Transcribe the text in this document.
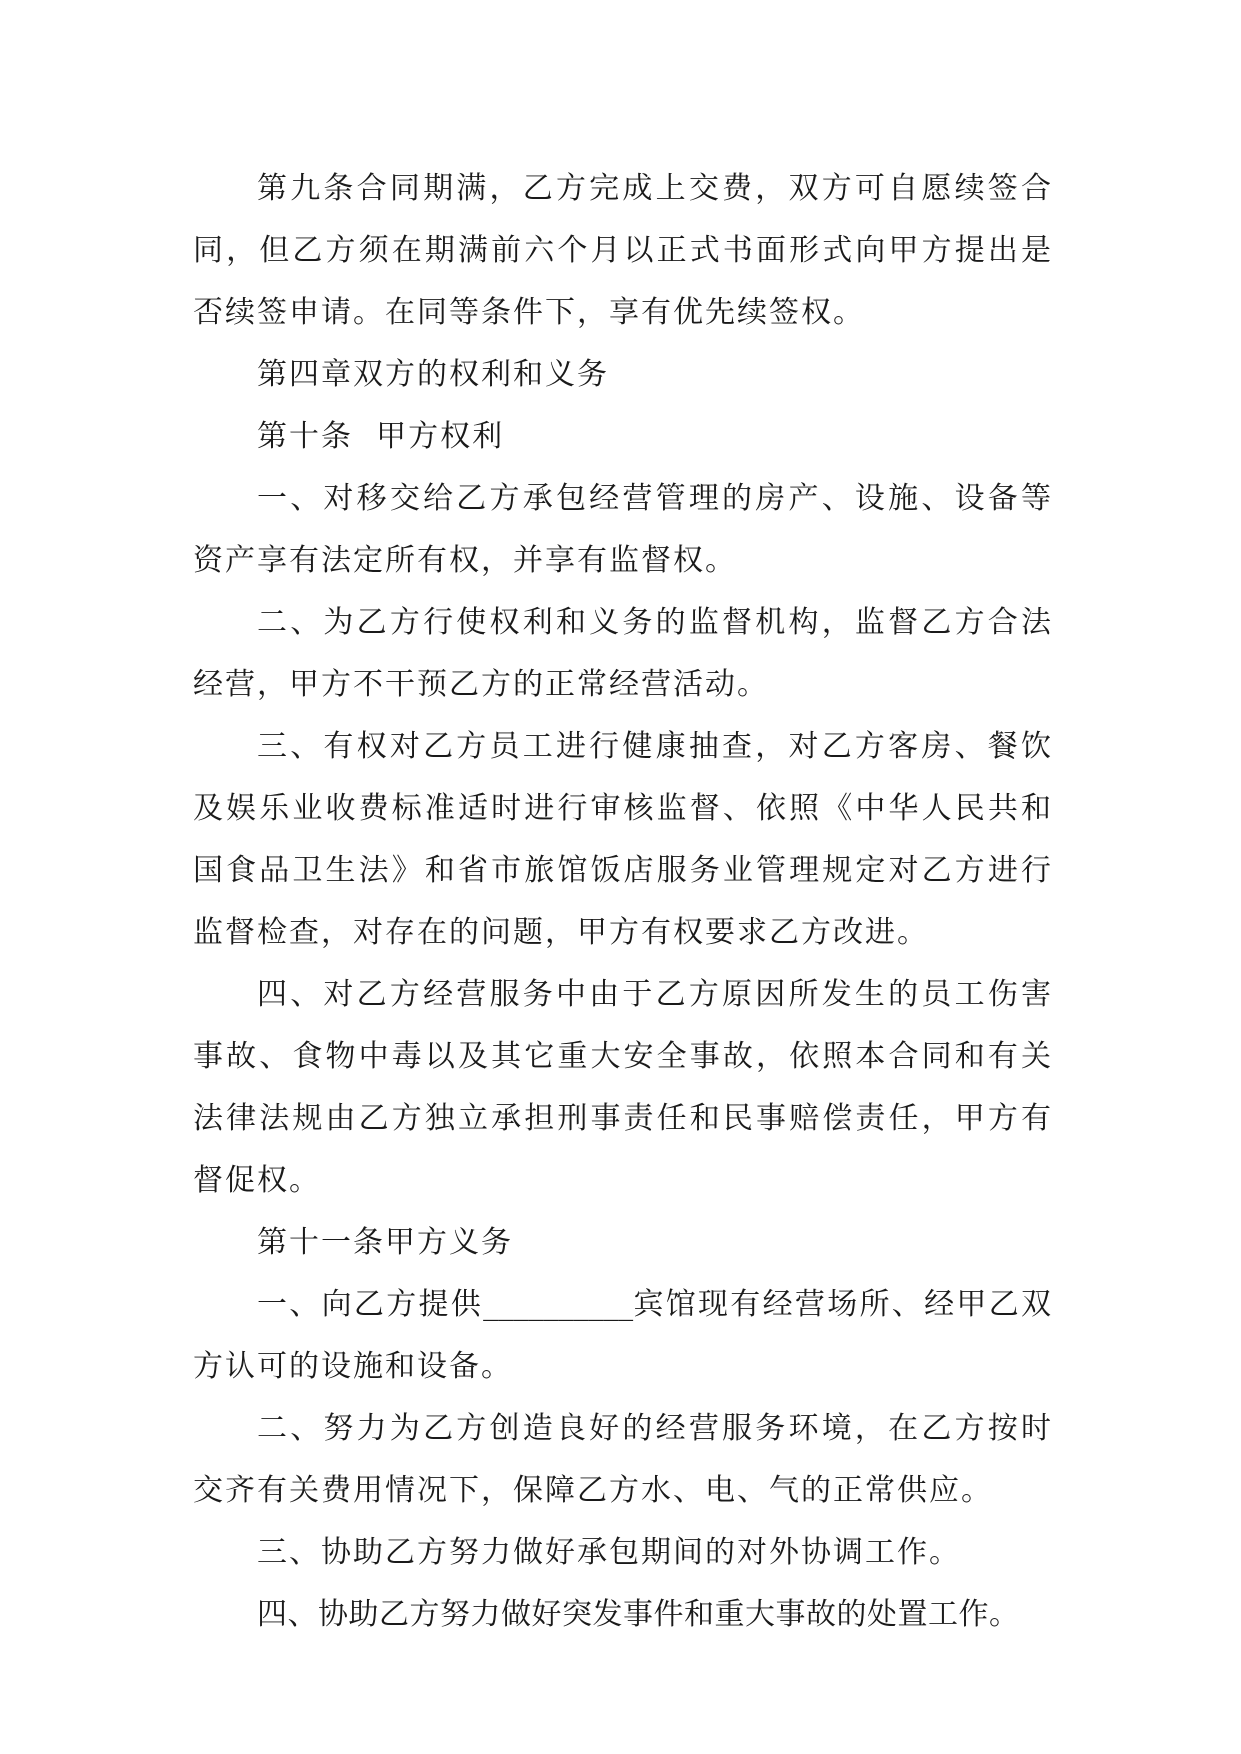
第九条合同期满，乙方完成上交费，双方可自愿续签合同，但乙方须在期满前六个月以正式书面形式向甲方提出是否续签申请。在同等条件下，享有优先续签权。

第四章双方的权利和义务

第十条  甲方权利

一、对移交给乙方承包经营管理的房产、设施、设备等资产享有法定所有权，并享有监督权。

二、为乙方行使权利和义务的监督机构，监督乙方合法经营，甲方不干预乙方的正常经营活动。

三、有权对乙方员工进行健康抽查，对乙方客房、餐饮及娱乐业收费标准适时进行审核监督、依照《中华人民共和国食品卫生法》和省市旅馆饭店服务业管理规定对乙方进行监督检查，对存在的问题，甲方有权要求乙方改进。

四、对乙方经营服务中由于乙方原因所发生的员工伤害事故、食物中毒以及其它重大安全事故，依照本合同和有关法律法规由乙方独立承担刑事责任和民事赔偿责任，甲方有督促权。

第十一条甲方义务

一、向乙方提供__________宾馆现有经营场所、经甲乙双方认可的设施和设备。

二、努力为乙方创造良好的经营服务环境，在乙方按时交齐有关费用情况下，保障乙方水、电、气的正常供应。

三、协助乙方努力做好承包期间的对外协调工作。

四、协助乙方努力做好突发事件和重大事故的处置工作。
